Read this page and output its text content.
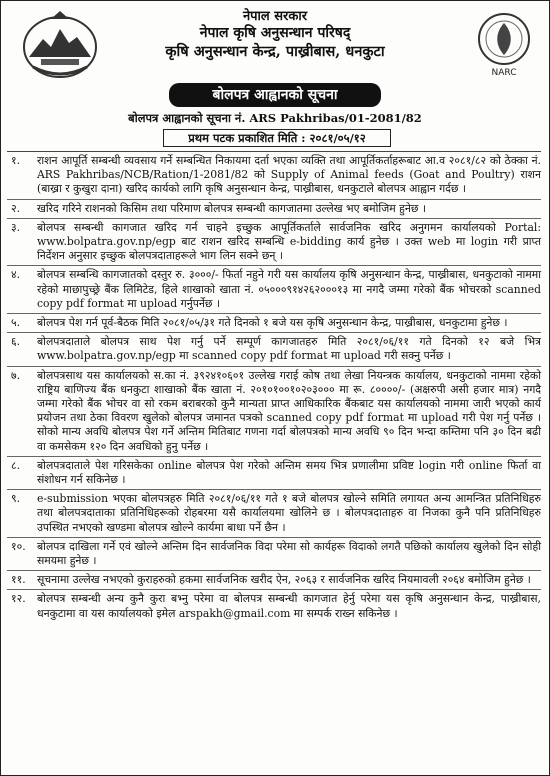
NARC
नेपाल सरकार
नेपाल कृषि अनुसन्धान परिषद्
कृषि अनुसन्धान केन्द्र, पाख्रीबास, धनकुटा
बोलपत्र आह्वानको सूचना
बोलपत्र आह्वानको सूचना नं. ARS Pakhribas/01-2081/82
प्रथम पटक प्रकाशित मिति : २०८१/०५/१२
१.	राशन आपूर्ति सम्बन्धी व्यवसाय गर्ने सम्बन्धित निकायमा दर्ता भएका व्यक्ति तथा आपूर्तिकर्ताहरूबाट आ.व २०८१/८२ को ठेक्का नं. ARS Pakhribas/NCB/Ration/1-2081/82 को Supply of Animal feeds (Goat and Poultry) राशन (बाख्रा र कुखुरा दाना) खरिद कार्यको लागि कृषि अनुसन्धान केन्द्र, पाख्रीबास, धनकुटाले बोलपत्र आह्वान गर्दछ ।
२.	खरिद गरिने राशनको किसिम तथा परिमाण बोलपत्र सम्बन्धी कागजातमा उल्लेख भए बमोजिम हुनेछ ।
३.	बोलपत्र सम्बन्धी कागजात खरिद गर्न चाहने इच्छुक आपूर्तिकर्ताले सार्वजनिक खरिद अनुगमन कार्यालयको Portal: www.bolpatra.gov.np/egp बाट राशन खरिद सम्बन्धि e-bidding कार्य हुनेछ । उक्त web मा login गरी प्राप्त निर्देशन अनुसार इच्छुक बोलपत्रदाताहरूले भाग लिन सक्ने छन् ।
४.	बोलपत्र सम्बन्धि कागजातको दस्तुर रु. ३०००/- फिर्ता नहुने गरी यस कार्यालय कृषि अनुसन्धान केन्द्र, पाख्रीबास, धनकुटाको नाममा रहेको माछापुच्छ्रे बैंक लिमिटेड, हिले शाखाको खाता नं. ०५०००९१४२६२०००१३ मा नगदै जम्मा गरेको बैंक भोचरको scanned copy pdf format मा upload गर्नुपर्नेछ ।
५.	बोलपत्र पेश गर्न पूर्व-बैठक मिति २०८१/०५/३१ गते दिनको १ बजे यस कृषि अनुसन्धान केन्द्र, पाख्रीबास, धनकुटामा हुनेछ ।
६.	बोलपत्रदाताले बोलपत्र साथ पेश गर्नु पर्ने सम्पूर्ण कागजातहरु मिति २०८१/०६/११ गते दिनको १२ बजे भित्र www.bolpatra.gov.np/egp मा scanned copy pdf format मा upload गरी सक्नु पर्नेछ ।
७.	बोलपत्रसाथ यस कार्यालयको स.का नं. ३९२४१०६०१ उल्लेख गराई कोष तथा लेखा नियन्त्रक कार्यालय, धनकुटाको नाममा रहेको राष्ट्रिय बाणिज्य बैंक धनकुटा शाखाको बैंक खाता नं. २०१०१००१०२०३००० मा रू. ८००००/- (अक्षरुपी असी हजार मात्र) नगदै जम्मा गरेको बैंक भोचर वा सो रकम बराबरको कुनै मान्यता प्राप्त आधिकारिक बैंकबाट यस कार्यालयको नाममा जारी भएको कार्य प्रयोजन तथा ठेका विवरण खुलेको बोलपत्र जमानत पत्रको scanned copy pdf format मा upload गरी पेश गर्नु पर्नेछ । सोको मान्य अवधि बोलपत्र पेश गर्ने अन्तिम मितिबाट गणना गर्दा बोलपत्रको मान्य अवधि ९० दिन भन्दा कम्तिमा पनि ३० दिन बढी वा कमसेकम १२० दिन अवधिको हुनु पर्नेछ ।
८.	बोलपत्रदाताले पेश गरिसकेका online बोलपत्र पेश गरेको अन्तिम समय भित्र प्रणालीमा प्रविष्ट login गरी online फिर्ता वा संशोधन गर्न सकिनेछ ।
९.	e-submission भएका बोलपत्रहरु मिति २०८१/०६/११ गते १ बजे बोलपत्र खोल्ने समिति लगायत अन्य आमन्त्रित प्रतिनिधिहरु तथा बोलपत्रदाताका प्रतिनिधिहरूको रोहबरमा यसै कार्यालयमा खोलिने छ । बोलपत्रदाताहरु वा निजका कुनै पनि प्रतिनिधिहरु उपस्थित नभएको खण्डमा बोलपत्र खोल्ने कार्यमा बाधा पर्ने छैन ।
१०.	बोलपत्र दाखिला गर्ने एवं खोल्ने अन्तिम दिन सार्वजनिक विदा परेमा सो कार्यहरू विदाको लगतै पछिको कार्यालय खुलेको दिन सोही समयमा हुनेछ ।
११.	सूचनामा उल्लेख नभएको कुराहरुको हकमा सार्वजनिक खरीद ऐन, २०६३ र सार्वजनिक खरिद नियमावली २०६४ बमोजिम हुनेछ ।
१२.	बोलपत्र सम्बन्धी अन्य कुनै कुरा बभ्नु परेमा वा बोलपत्र सम्बन्धी कागजात हेर्नु परेमा यस कृषि अनुसन्धान केन्द्र, पाख्रीबास, धनकुटामा वा यस कार्यालयको इमेल arspakh@gmail.com मा सम्पर्क राख्न सकिनेछ ।
